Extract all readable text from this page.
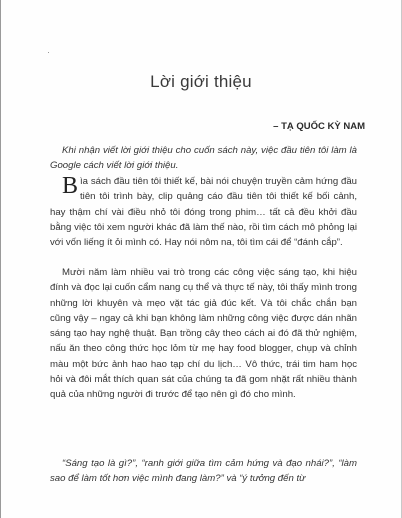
Lời giới thiệu
– TẠ QUỐC KỲ NAM
Khi nhận viết lời giới thiệu cho cuốn sách này, việc đầu tiên tôi làm là Google cách viết lời giới thiệu.
Bìa sách đầu tiên tôi thiết kế, bài nói chuyện truyền cảm hứng đầu tiên tôi trình bày, clip quảng cáo đầu tiên tôi thiết kế bối cảnh, hay thậm chí vài điều nhỏ tôi đóng trong phim… tất cả đều khởi đầu bằng việc tôi xem người khác đã làm thế nào, rồi tìm cách mô phỏng lại với vốn liếng ít ỏi mình có. Hay nói nôm na, tôi tìm cái để “đánh cắp”.
Mười năm làm nhiều vai trò trong các công việc sáng tạo, khi hiệu đính và đọc lại cuốn cẩm nang cụ thể và thực tế này, tôi thấy mình trong những lời khuyên và mẹo vặt tác giả đúc kết. Và tôi chắc chắn bạn cũng vậy – ngay cả khi bạn không làm những công việc được dán nhãn sáng tạo hay nghệ thuật. Bạn trồng cây theo cách ai đó đã thử nghiệm, nấu ăn theo công thức học lỏm từ mẹ hay food blogger, chụp và chỉnh màu một bức ảnh hao hao tạp chí du lịch… Vô thức, trái tim ham học hỏi và đôi mắt thích quan sát của chúng ta đã gom nhặt rất nhiều thành quả của những người đi trước để tạo nên gì đó cho mình.
“Sáng tạo là gì?”, “ranh giới giữa tìm cảm hứng và đạo nhái?”, “làm sao để làm tốt hơn việc mình đang làm?” và “ý tưởng đến từ
